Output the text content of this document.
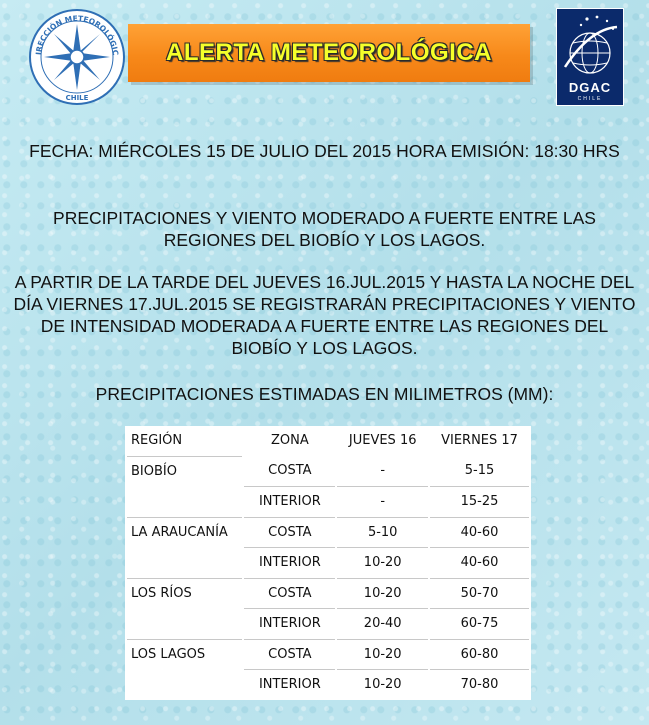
IRECCIÓN METEOROLÓGIC
CHILE
ALERTA METEOROLÓGICA
DGAC
CHILE
FECHA: MIÉRCOLES 15 DE JULIO DEL 2015 HORA EMISIÓN: 18:30 HRS
PRECIPITACIONES Y VIENTO MODERADO A FUERTE ENTRE LAS REGIONES DEL BIOBÍO Y LOS LAGOS.
A PARTIR DE LA TARDE DEL JUEVES 16.JUL.2015 Y HASTA LA NOCHE DEL DÍA VIERNES 17.JUL.2015 SE REGISTRARÁN PRECIPITACIONES Y VIENTO DE INTENSIDAD MODERADA A FUERTE ENTRE LAS REGIONES DEL BIOBÍO Y LOS LAGOS.
PRECIPITACIONES ESTIMADAS EN MILIMETROS (MM):
REGIÓN	ZONA	JUEVES 16	VIERNES 17
BIOBÍO	COSTA	-	5-15
	INTERIOR	-	15-25
LA ARAUCANÍA	COSTA	5-10	40-60
	INTERIOR	10-20	40-60
LOS RÍOS	COSTA	10-20	50-70
	INTERIOR	20-40	60-75
LOS LAGOS	COSTA	10-20	60-80
	INTERIOR	10-20	70-80
